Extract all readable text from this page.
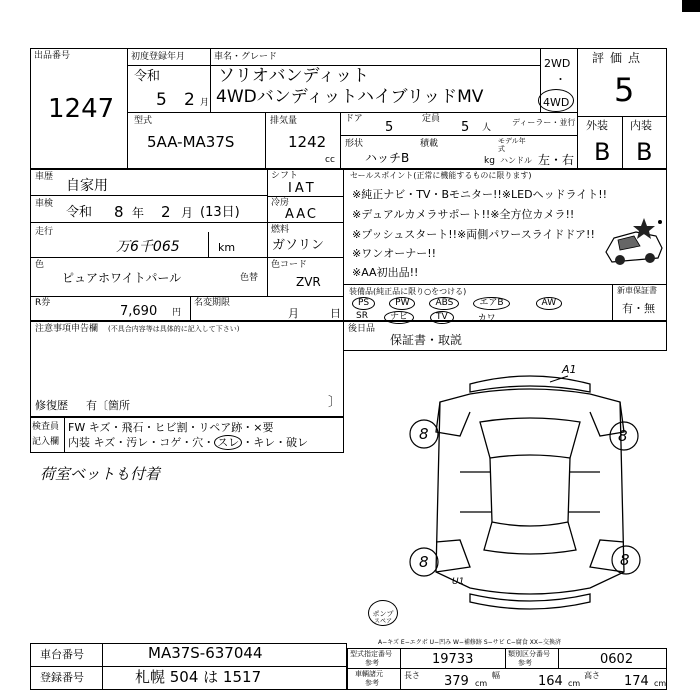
出品番号
1247
初度登録年月
令和
5 2 月
車名・グレード
ソリオバンディット
4WDバンディットハイブリッドMV
2WD
・
4WD
評価点
5
型式
5AA-MA37S
排気量
1242
cc
ドア
5
定員
5 人
ディーラー・並行
モデル年式
外装 内装
B B
形状
ハッチB
積載
kg ハンドル 左・右
車歴
自家用
車検
令和 8 年 2 月 (13日)
走行
万6千065	km
シフト
IAT
冷房
AAC
燃料
ガソリン
色
ピュアホワイトパール	色替
色コード
ZVR
R券
7,690 円
名変期限
月	日
セールスポイント(正常に機能するものに限ります)
※純正ナビ・TV・Bモニター!!※LEDヘッドライト!!
※デュアルカメラサポート!!※全方位カメラ!!
※プッシュスタート!!※両側パワースライドドア!!
※ワンオーナー!!
※AA初出品!!
装備品(純正品に限り○をつける)
PS	PW	ABS	エアB	AW
SR	ナビ	TV	カワ
新車保証書
有・無
注意事項申告欄 (不具合内容等は具体的に記入して下さい)
修復歴 有〔箇所	〕
後日品
保証書・取説
検査員
記入欄
FW キズ・飛石・ヒビ割・リペア跡・×要
内装 キズ・汚レ・コゲ・穴・ スレ ・キレ・破レ
荷室ベットも付着
A1
8	8
8	8
U1
ポンプ
スペア
A−キズ E−エクボ U−凹み W−補修跡 S−サビ C−腐食 XX−交換済
車台番号	MA37S-637044
登録番号	札幌 504 は 1517
型式指定番号
参考	19733	類別区分番号
参考	0602
車輌諸元
参考
長さ 379 cm
幅	164 cm
高さ 174 cm
